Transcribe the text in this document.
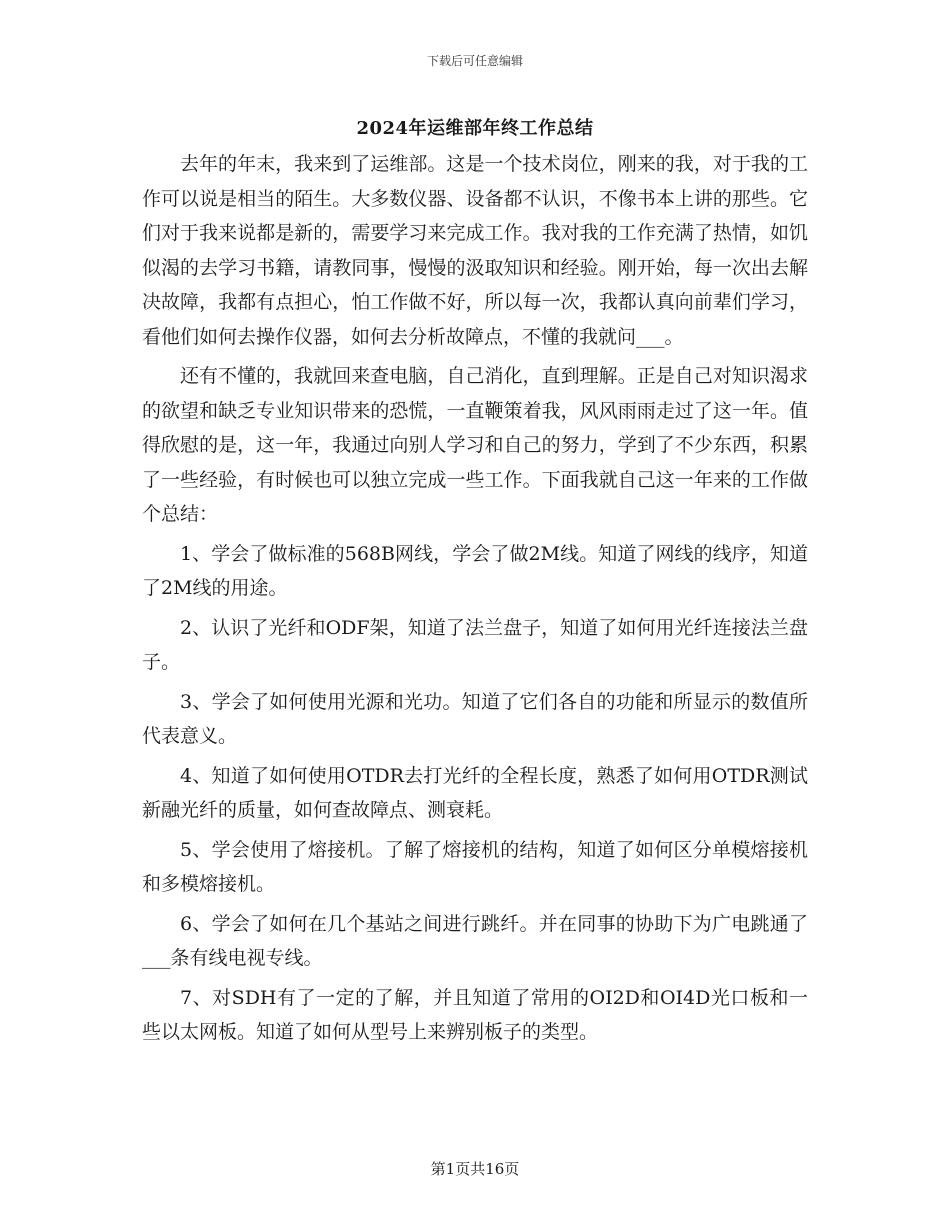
下载后可任意编辑
2024年运维部年终工作总结

去年的年末，我来到了运维部。这是一个技术岗位，刚来的我，对于我的工作可以说是相当的陌生。大多数仪器、设备都不认识，不像书本上讲的那些。它们对于我来说都是新的，需要学习来完成工作。我对我的工作充满了热情，如饥似渴的去学习书籍，请教同事，慢慢的汲取知识和经验。刚开始，每一次出去解决故障，我都有点担心，怕工作做不好，所以每一次，我都认真向前辈们学习，看他们如何去操作仪器，如何去分析故障点，不懂的我就问___。

还有不懂的，我就回来查电脑，自己消化，直到理解。正是自己对知识渴求的欲望和缺乏专业知识带来的恐慌，一直鞭策着我，风风雨雨走过了这一年。值得欣慰的是，这一年，我通过向别人学习和自己的努力，学到了不少东西，积累了一些经验，有时候也可以独立完成一些工作。下面我就自己这一年来的工作做个总结：

1、学会了做标准的568B网线，学会了做2M线。知道了网线的线序，知道了2M线的用途。

2、认识了光纤和ODF架，知道了法兰盘子，知道了如何用光纤连接法兰盘子。

3、学会了如何使用光源和光功。知道了它们各自的功能和所显示的数值所代表意义。

4、知道了如何使用OTDR去打光纤的全程长度，熟悉了如何用OTDR测试新融光纤的质量，如何查故障点、测衰耗。

5、学会使用了熔接机。了解了熔接机的结构，知道了如何区分单模熔接机和多模熔接机。

6、学会了如何在几个基站之间进行跳纤。并在同事的协助下为广电跳通了___条有线电视专线。

7、对SDH有了一定的了解，并且知道了常用的OI2D和OI4D光口板和一些以太网板。知道了如何从型号上来辨别板子的类型。

第1页共16页
